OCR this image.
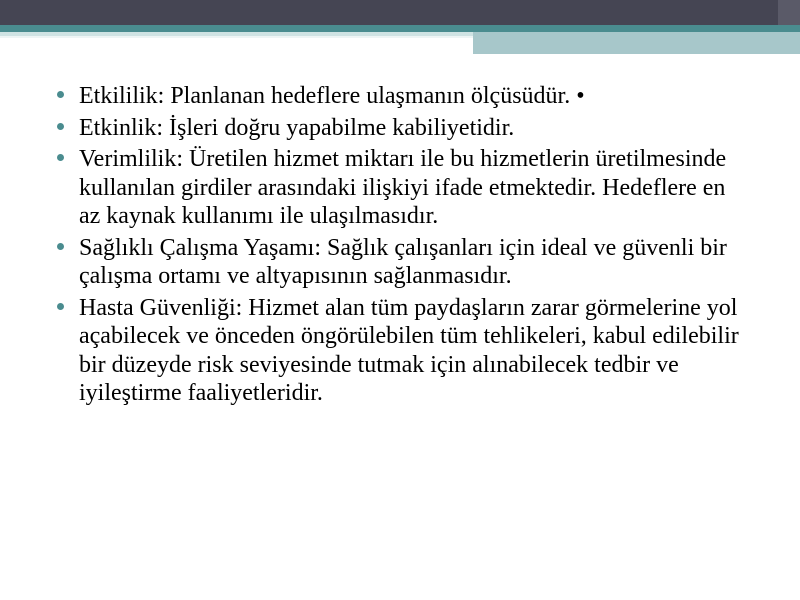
Etkililik: Planlanan hedeflere ulaşmanın ölçüsüdür. •
Etkinlik: İşleri doğru yapabilme kabiliyetidir.
Verimlilik: Üretilen hizmet miktarı ile bu hizmetlerin üretilmesinde kullanılan girdiler arasındaki ilişkiyi ifade etmektedir. Hedeflere en az kaynak kullanımı ile ulaşılmasıdır.
Sağlıklı Çalışma Yaşamı: Sağlık çalışanları için ideal ve güvenli bir çalışma ortamı ve altyapısının sağlanmasıdır.
Hasta Güvenliği: Hizmet alan tüm paydaşların zarar görmelerine yol açabilecek ve önceden öngörülebilen tüm tehlikeleri, kabul edilebilir bir düzeyde risk seviyesinde tutmak için alınabilecek tedbir ve iyileştirme faaliyetleridir.
